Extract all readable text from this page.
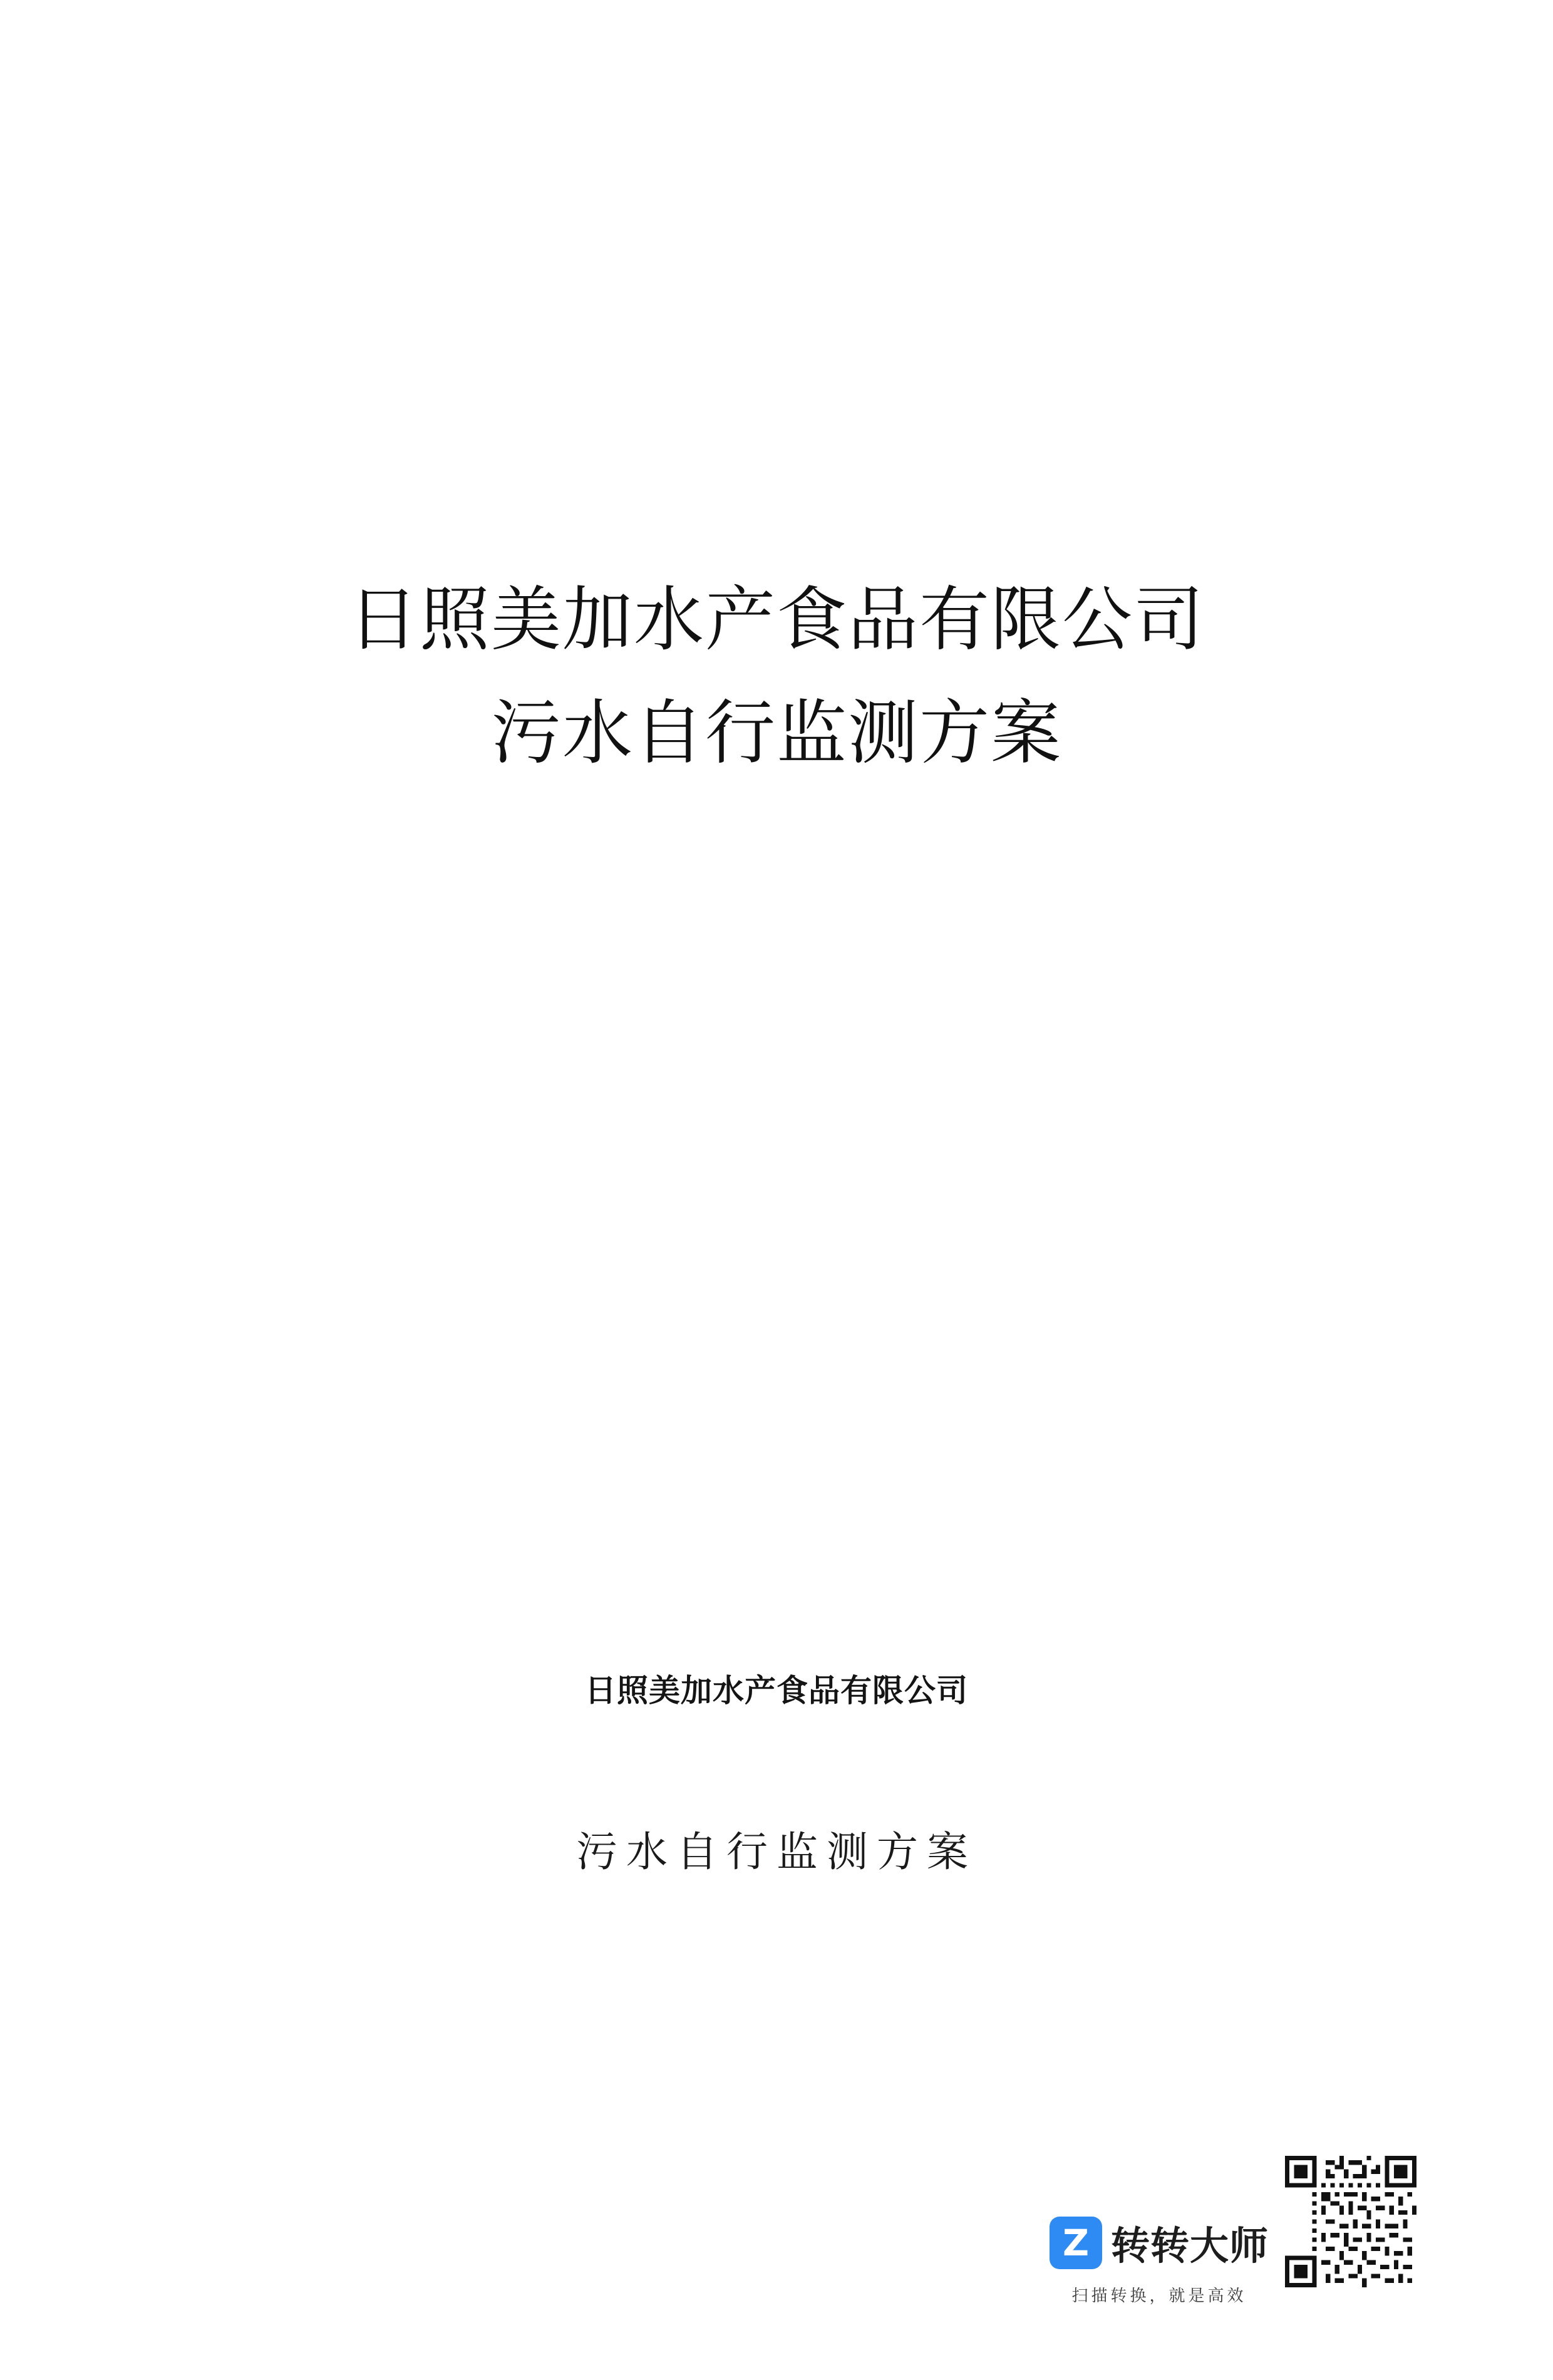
日照美加水产食品有限公司
污水自行监测方案
日照美加水产食品有限公司
污水自行监测方案
Z 转转大师
扫描转换，就是高效
